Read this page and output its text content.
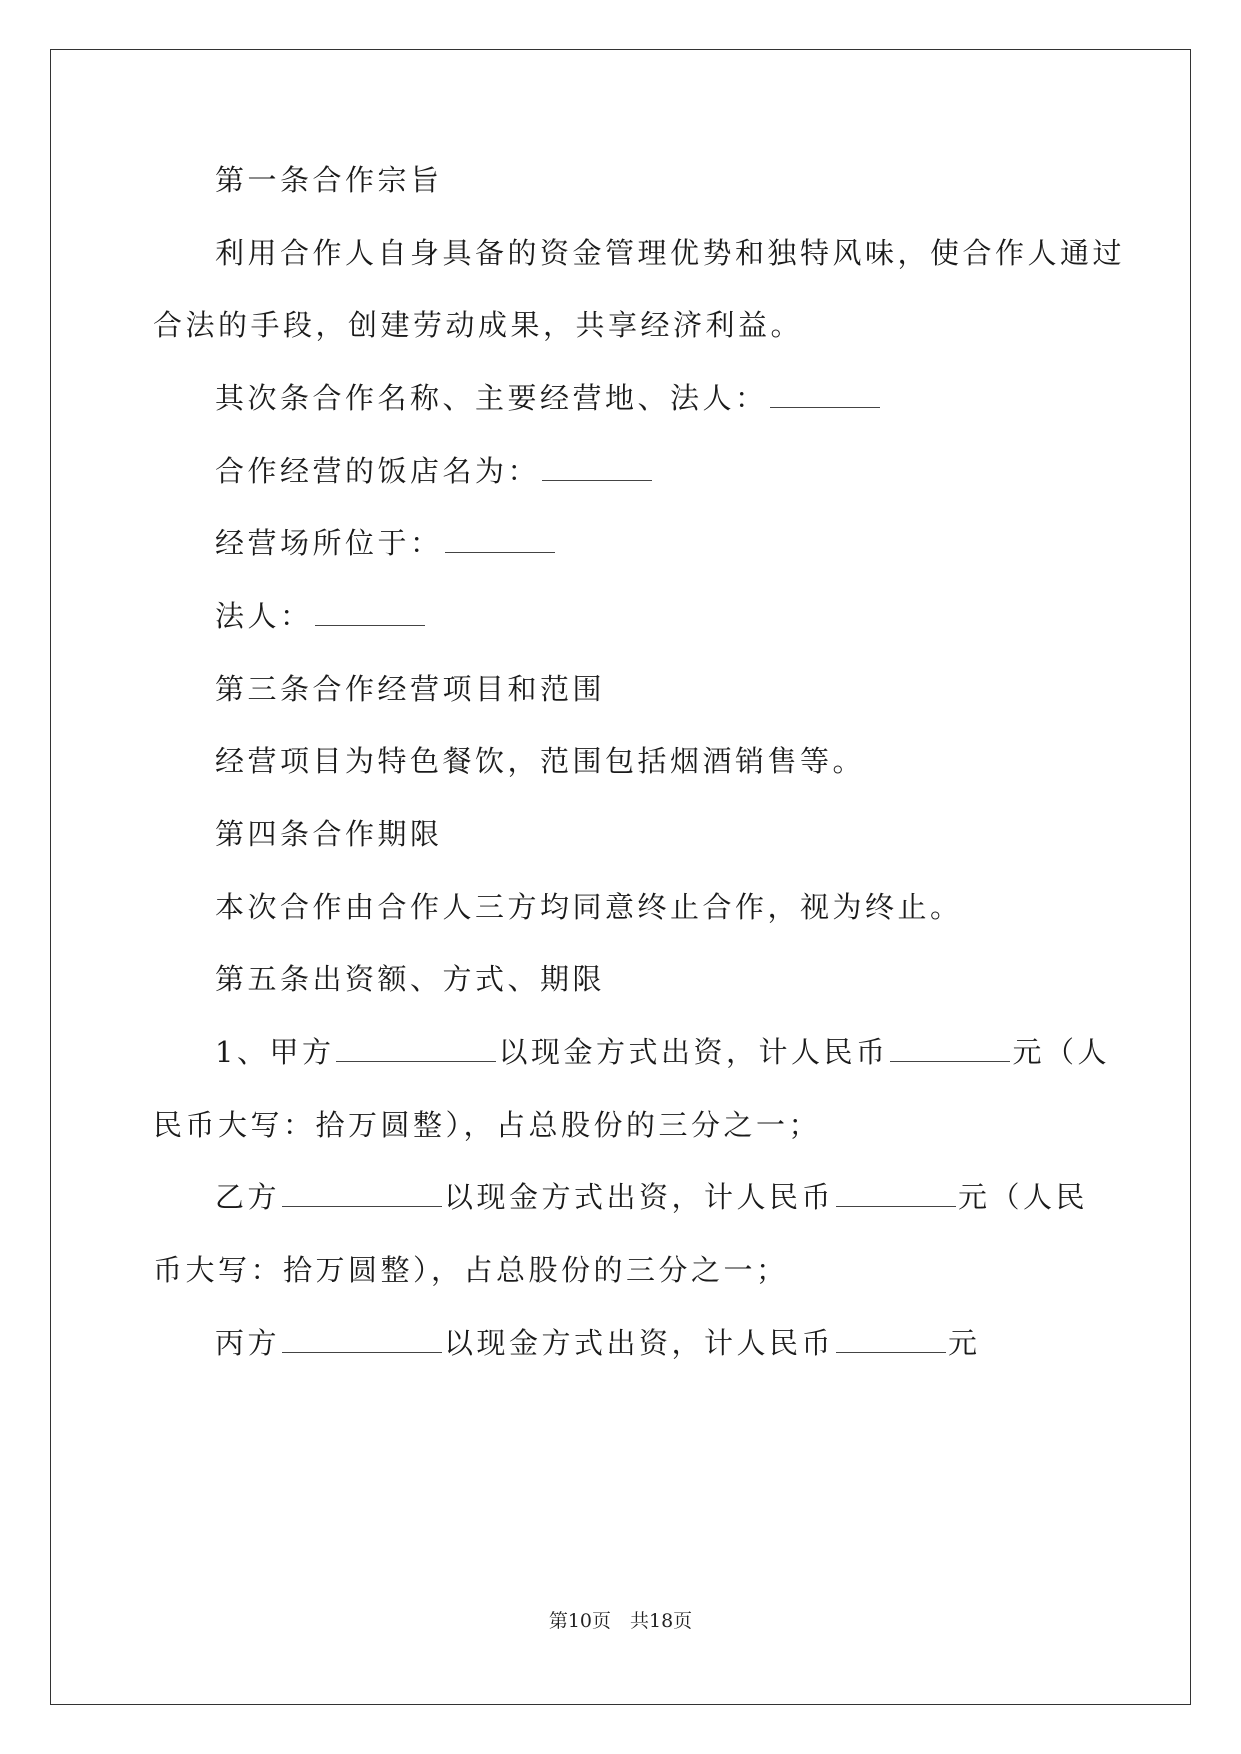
第一条合作宗旨
利用合作人自身具备的资金管理优势和独特风味，使合作人通过
合法的手段，创建劳动成果，共享经济利益。
其次条合作名称、主要经营地、法人：
合作经营的饭店名为：
经营场所位于：
法人：
第三条合作经营项目和范围
经营项目为特色餐饮，范围包括烟酒销售等。
第四条合作期限
本次合作由合作人三方均同意终止合作，视为终止。
第五条出资额、方式、期限
1、甲方	以现金方式出资，计人民币	元（人
民币大写：拾万圆整），占总股份的三分之一；
乙方	以现金方式出资，计人民币	元（人民
币大写：拾万圆整），占总股份的三分之一；
丙方	以现金方式出资，计人民币	元
第10页　共18页
